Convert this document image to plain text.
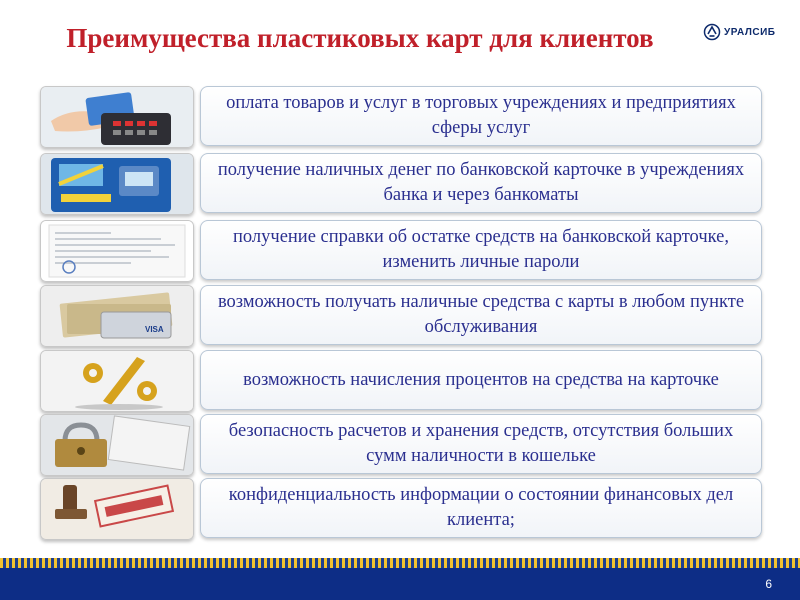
Преимущества пластиковых карт для клиентов	УРАЛСИБ
оплата товаров и услуг в торговых учреждениях и предприятиях сферы услуг
получение наличных денег по банковской карточке в учреждениях банка и через банкоматы
получение справки об остатке средств на банковской карточке, изменить личные пароли
VISA
возможность получать наличные средства с карты в любом пункте обслуживания
возможность начисления процентов на средства на карточке
безопасность расчетов и хранения средств, отсутствия больших сумм наличности в кошельке
конфиденциальность информации о состоянии финансовых дел клиента;
6
